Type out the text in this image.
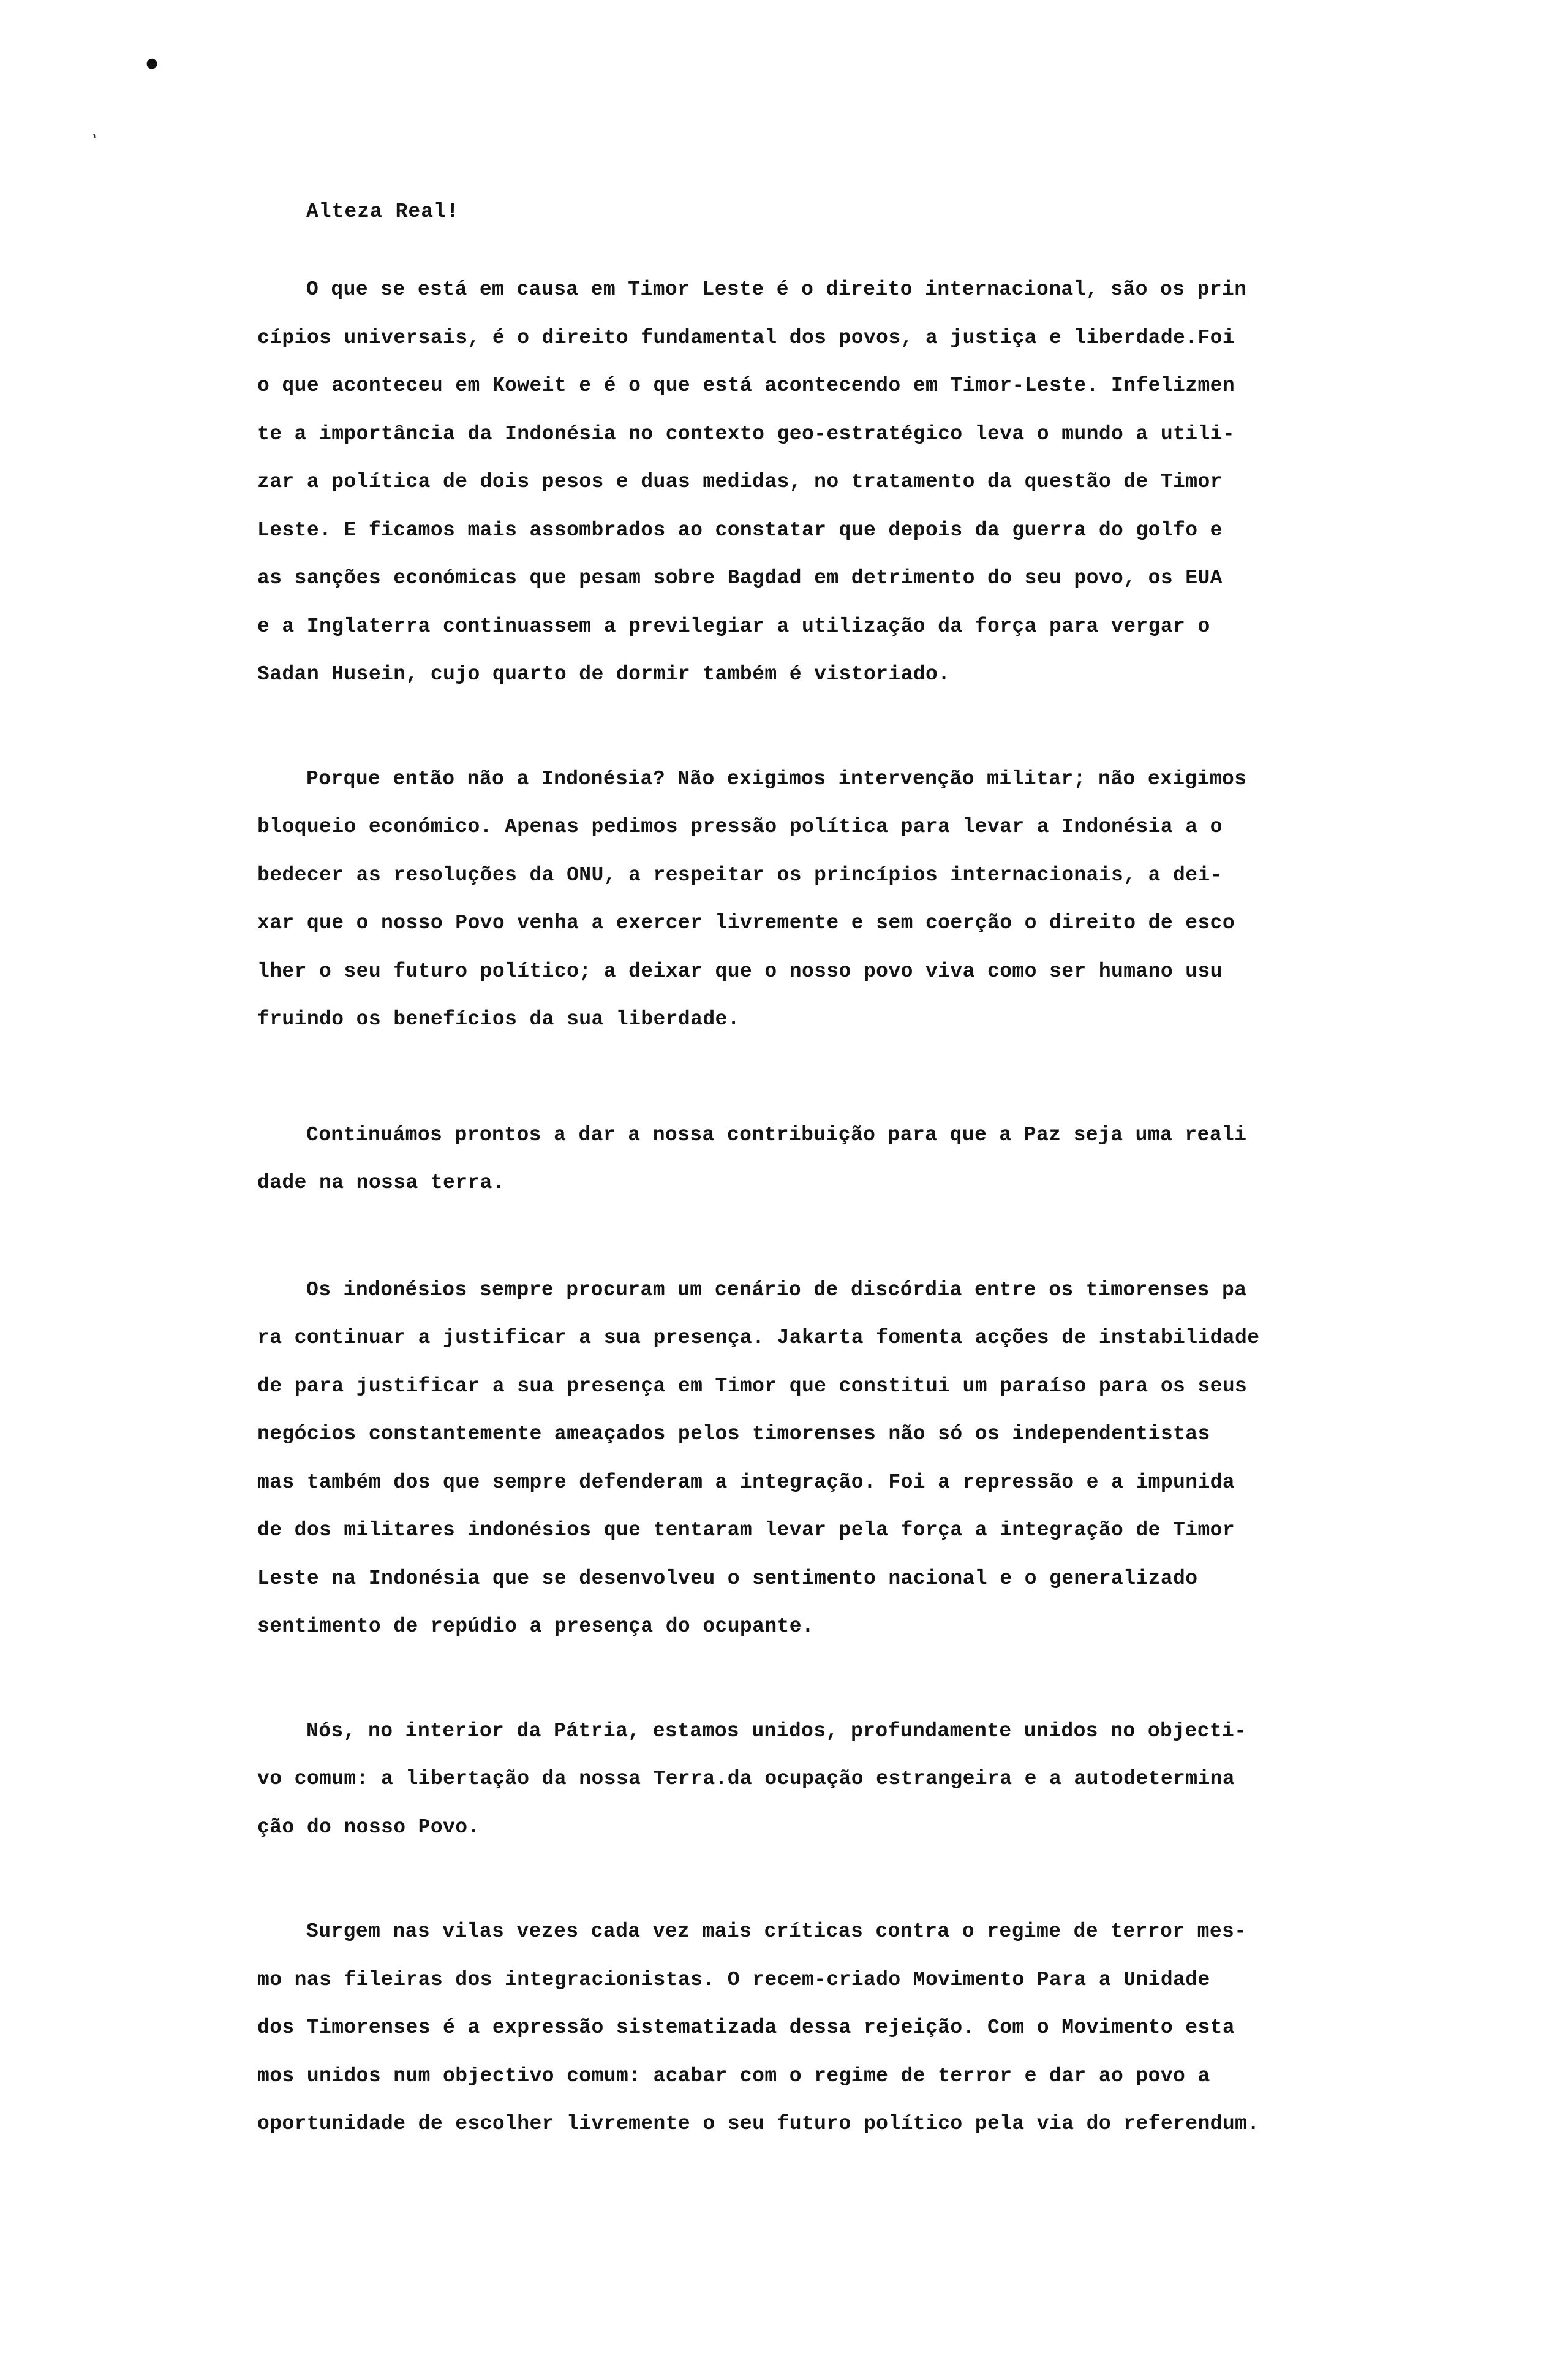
•
⸴
Alteza Real!
O que se está em causa em Timor Leste é o direito internacional, são os prin
cípios universais, é o direito fundamental dos povos, a justiça e liberdade.Foi
o que aconteceu em Koweit e é o que está acontecendo em Timor-Leste. Infelizmen
te a importância da Indonésia no contexto geo-estratégico leva o mundo a utili-
zar a política de dois pesos e duas medidas, no tratamento da questão de Timor
Leste. E ficamos mais assombrados ao constatar que depois da guerra do golfo e
as sanções económicas que pesam sobre Bagdad em detrimento do seu povo, os EUA
e a Inglaterra continuassem a previlegiar a utilização da força para vergar o
Sadan Husein, cujo quarto de dormir também é vistoriado.
Porque então não a Indonésia? Não exigimos intervenção militar; não exigimos
bloqueio económico. Apenas pedimos pressão política para levar a Indonésia a o
bedecer as resoluções da ONU, a respeitar os princípios internacionais, a dei-
xar que o nosso Povo venha a exercer livremente e sem coerção o direito de esco
lher o seu futuro político; a deixar que o nosso povo viva como ser humano usu
fruindo os benefícios da sua liberdade.
Continuámos prontos a dar a nossa contribuição para que a Paz seja uma reali
dade na nossa terra.
Os indonésios sempre procuram um cenário de discórdia entre os timorenses pa
ra continuar a justificar a sua presença. Jakarta fomenta acções de instabilidade
de para justificar a sua presença em Timor que constitui um paraíso para os seus
negócios constantemente ameaçados pelos timorenses não só os independentistas
mas também dos que sempre defenderam a integração. Foi a repressão e a impunida
de dos militares indonésios que tentaram levar pela força a integração de Timor
Leste na Indonésia que se desenvolveu o sentimento nacional e o generalizado
sentimento de repúdio a presença do ocupante.
Nós, no interior da Pátria, estamos unidos, profundamente unidos no objecti-
vo comum: a libertação da nossa Terra.da ocupação estrangeira e a autodetermina
ção do nosso Povo.
Surgem nas vilas vezes cada vez mais críticas contra o regime de terror mes-
mo nas fileiras dos integracionistas. O recem-criado Movimento Para a Unidade
dos Timorenses é a expressão sistematizada dessa rejeição. Com o Movimento esta
mos unidos num objectivo comum: acabar com o regime de terror e dar ao povo a
oportunidade de escolher livremente o seu futuro político pela via do referendum.
